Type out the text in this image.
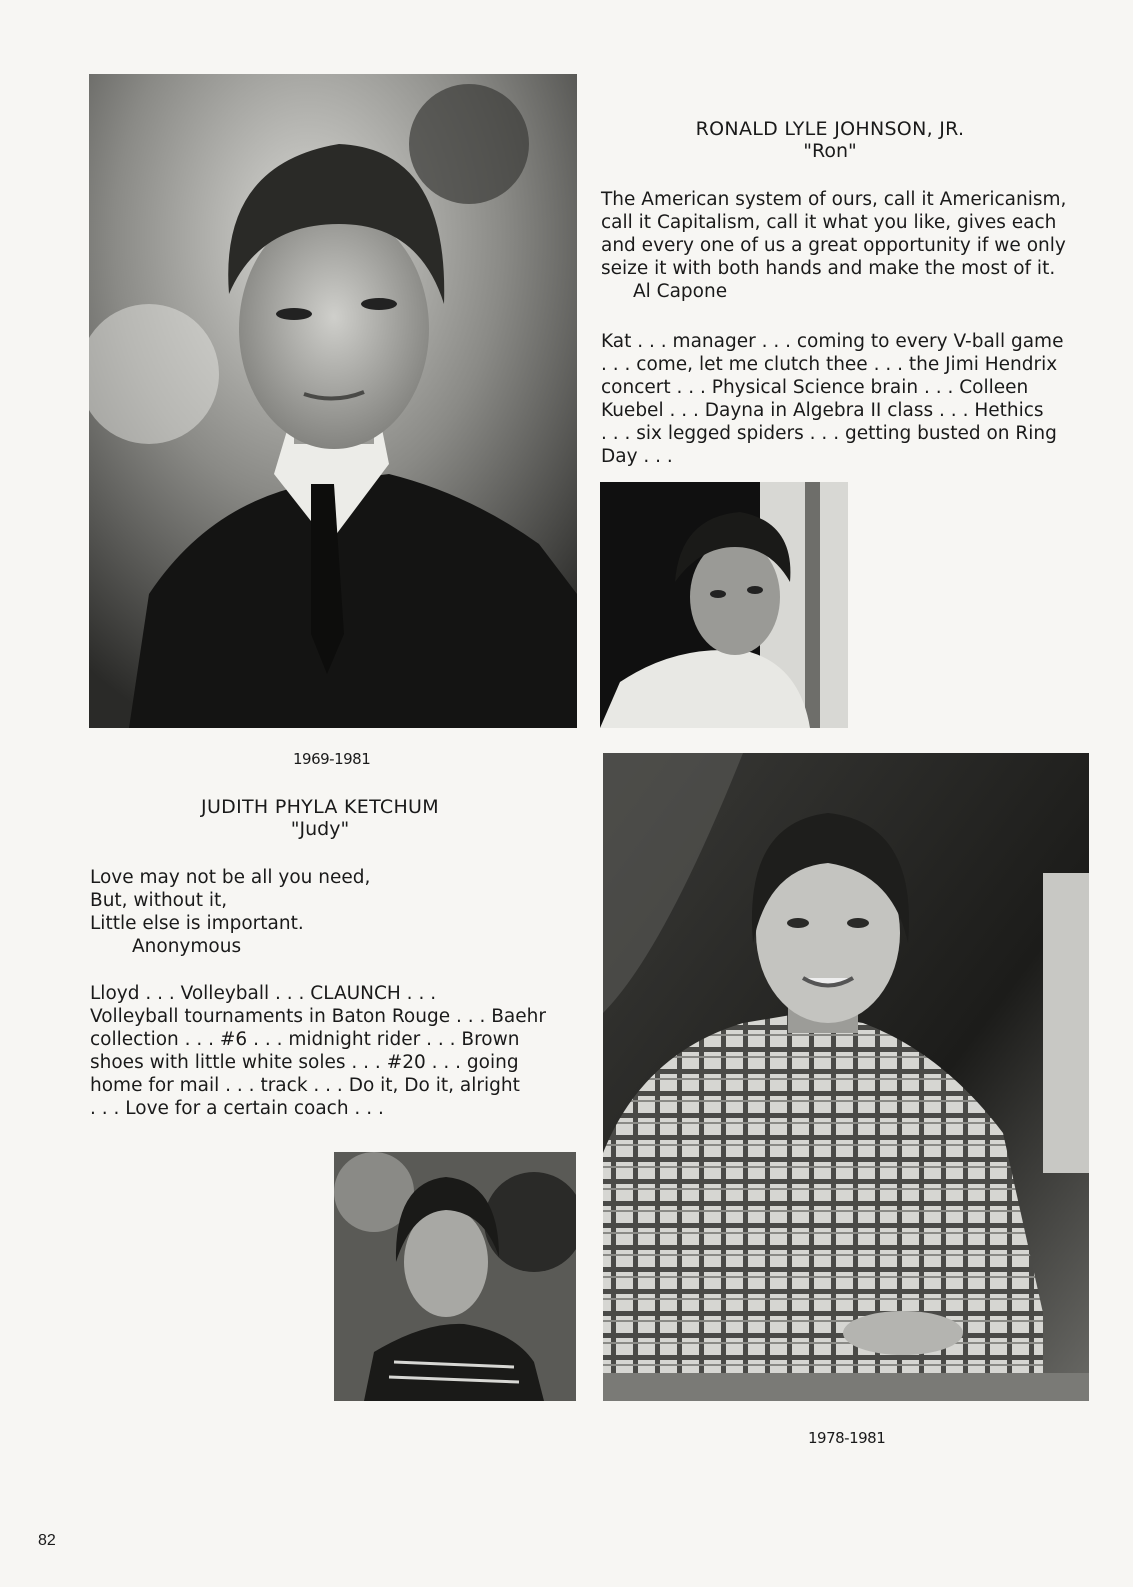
RONALD LYLE JOHNSON, JR.
"Ron"
The American system of ours, call it Americanism,
call it Capitalism, call it what you like, gives each
and every one of us a great opportunity if we only
seize it with both hands and make the most of it.
Al Capone
Kat . . . manager . . . coming to every V-ball game
. . . come, let me clutch thee . . . the Jimi Hendrix
concert . . . Physical Science brain . . . Colleen
Kuebel . . . Dayna in Algebra II class . . . Hethics
. . . six legged spiders . . . getting busted on Ring
Day . . .
1969-1981
JUDITH PHYLA KETCHUM
"Judy"
Love may not be all you need,
But, without it,
Little else is important.
Anonymous
Lloyd . . . Volleyball . . . CLAUNCH . . .
Volleyball tournaments in Baton Rouge . . . Baehr
collection . . . #6 . . . midnight rider . . . Brown
shoes with little white soles . . . #20 . . . going
home for mail . . . track . . . Do it, Do it, alright
. . . Love for a certain coach . . .
1978-1981
82
